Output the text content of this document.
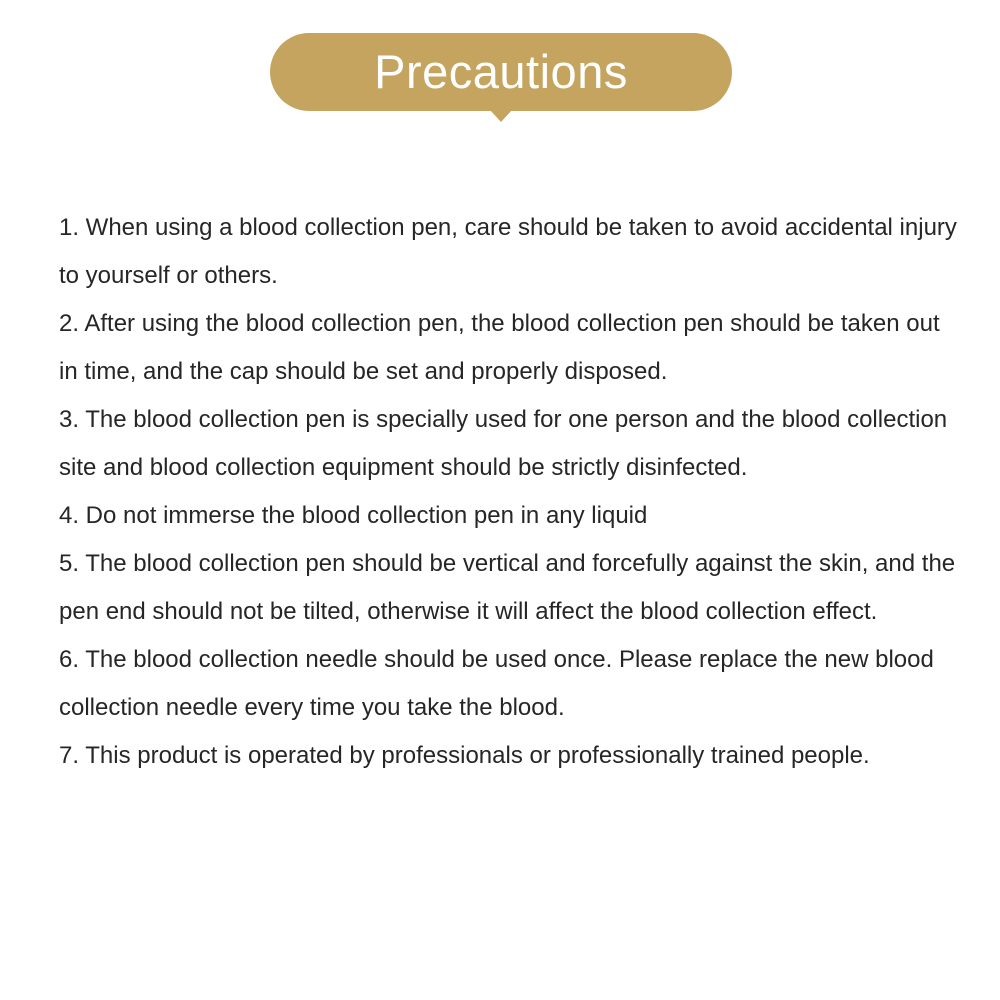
Precautions

1. When using a blood collection pen, care should be taken to avoid accidental injury to yourself or others.

2. After using the blood collection pen, the blood collection pen should be taken out in time, and the cap should be set and properly disposed.

3. The blood collection pen is specially used for one person and the blood collection site and blood collection equipment should be strictly disinfected.

4. Do not immerse the blood collection pen in any liquid

5. The blood collection pen should be vertical and forcefully against the skin, and the pen end should not be tilted, otherwise it will affect the blood collection effect.

6. The blood collection needle should be used once. Please replace the new blood collection needle every time you take the blood.

7. This product is operated by professionals or professionally trained people.
